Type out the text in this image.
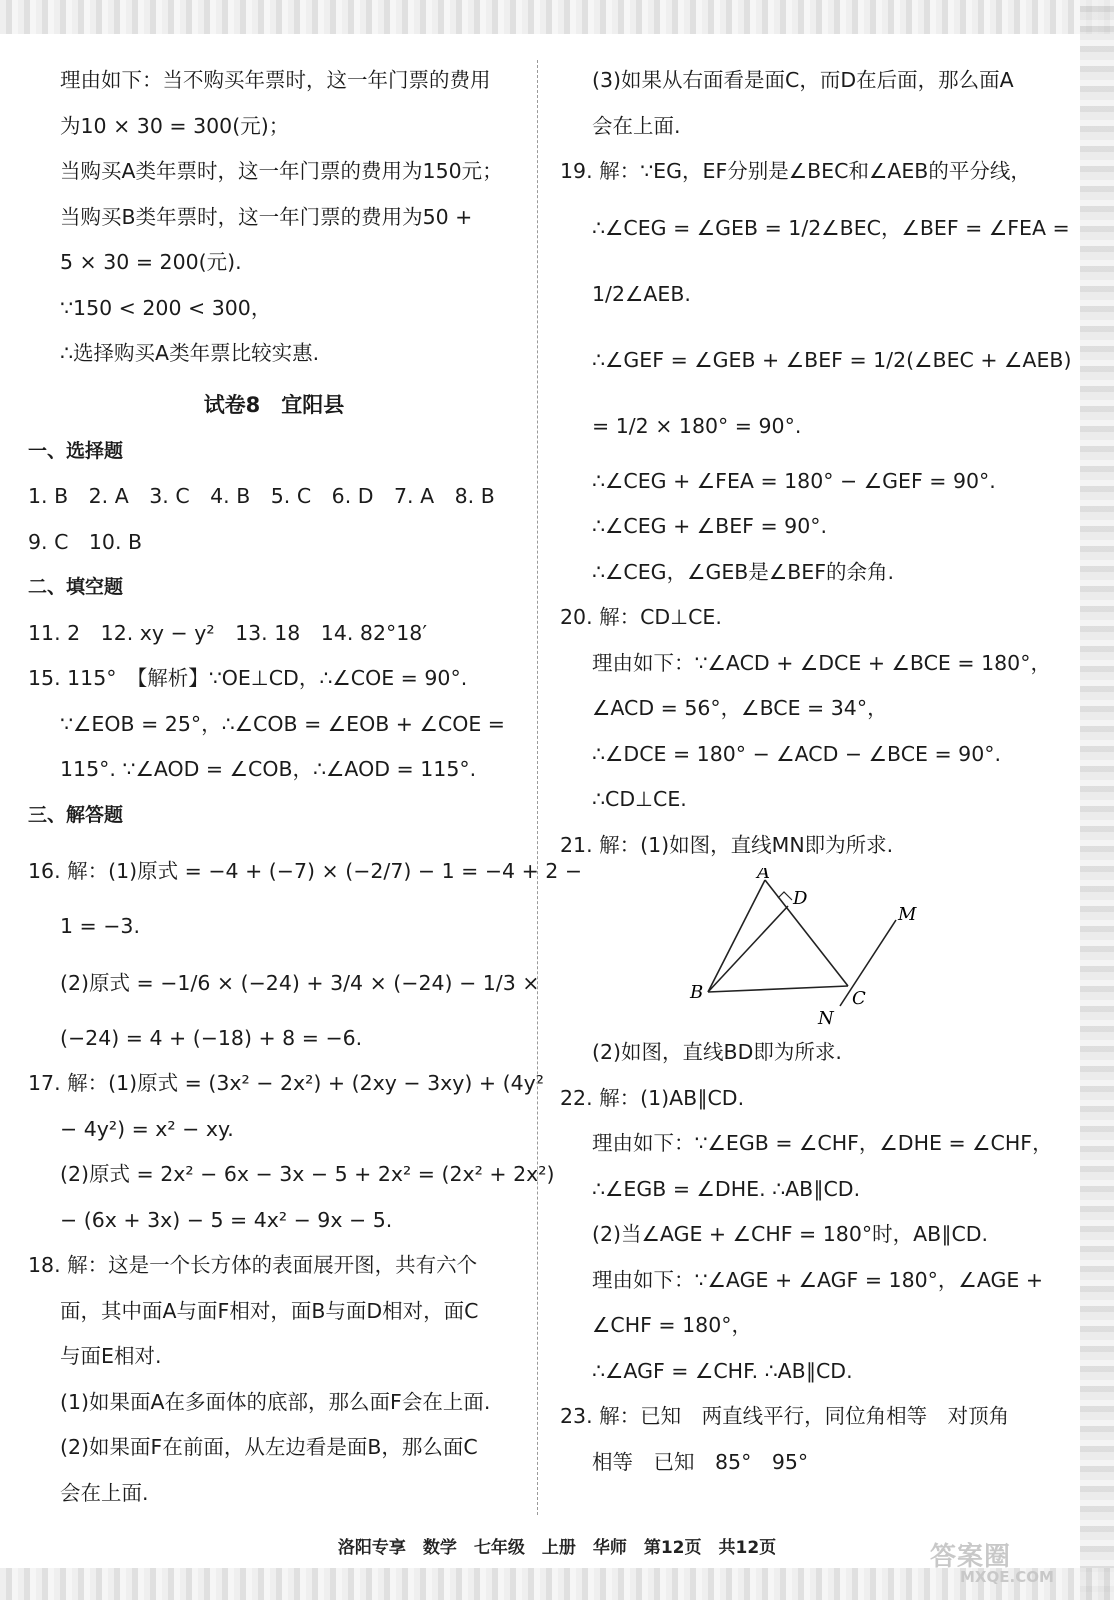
理由如下：当不购买年票时，这一年门票的费用
为10 × 30 = 300(元)；
当购买A类年票时，这一年门票的费用为150元；
当购买B类年票时，这一年门票的费用为50 +
5 × 30 = 200(元).
∵150 < 200 < 300，
∴选择购买A类年票比较实惠.
试卷8　宜阳县
一、选择题
1. B　2. A　3. C　4. B　5. C　6. D　7. A　8. B
9. C　10. B
二、填空题
11. 2　12. xy − y²　13. 18　14. 82°18′
15. 115°　【解析】∵OE⊥CD，∴∠COE = 90°.
∵∠EOB = 25°，∴∠COB = ∠EOB + ∠COE =
115°. ∵∠AOD = ∠COB，∴∠AOD = 115°.
三、解答题
16. 解：(1)原式 = −4 + (−7) × (−2/7) − 1 = −4 + 2 −
1 = −3.
(2)原式 = −1/6 × (−24) + 3/4 × (−24) − 1/3 ×
(−24) = 4 + (−18) + 8 = −6.
17. 解：(1)原式 = (3x² − 2x²) + (2xy − 3xy) + (4y²
− 4y²) = x² − xy.
(2)原式 = 2x² − 6x − 3x − 5 + 2x² = (2x² + 2x²)
− (6x + 3x) − 5 = 4x² − 9x − 5.
18. 解：这是一个长方体的表面展开图，共有六个
面，其中面A与面F相对，面B与面D相对，面C
与面E相对.
(1)如果面A在多面体的底部，那么面F会在上面.
(2)如果面F在前面，从左边看是面B，那么面C
会在上面.
(3)如果从右面看是面C，而D在后面，那么面A
会在上面.
19. 解：∵EG，EF分别是∠BEC和∠AEB的平分线，
∴∠CEG = ∠GEB = 1/2∠BEC，∠BEF = ∠FEA =
1/2∠AEB.
∴∠GEF = ∠GEB + ∠BEF = 1/2(∠BEC + ∠AEB)
= 1/2 × 180° = 90°.
∴∠CEG + ∠FEA = 180° − ∠GEF = 90°.
∴∠CEG + ∠BEF = 90°.
∴∠CEG，∠GEB是∠BEF的余角.
20. 解：CD⊥CE.
理由如下：∵∠ACD + ∠DCE + ∠BCE = 180°，
∠ACD = 56°，∠BCE = 34°，
∴∠DCE = 180° − ∠ACD − ∠BCE = 90°.
∴CD⊥CE.
21. 解：(1)如图，直线MN即为所求.
A
D
M
B	C
N
(2)如图，直线BD即为所求.
22. 解：(1)AB∥CD.
理由如下：∵∠EGB = ∠CHF，∠DHE = ∠CHF，
∴∠EGB = ∠DHE. ∴AB∥CD.
(2)当∠AGE + ∠CHF = 180°时，AB∥CD.
理由如下：∵∠AGE + ∠AGF = 180°，∠AGE +
∠CHF = 180°，
∴∠AGF = ∠CHF. ∴AB∥CD.
23. 解：已知　两直线平行，同位角相等　对顶角
相等　已知　85°　95°
洛阳专享　数学　七年级　上册　华师　第12页　共12页	答案圈
MXQE.COM
